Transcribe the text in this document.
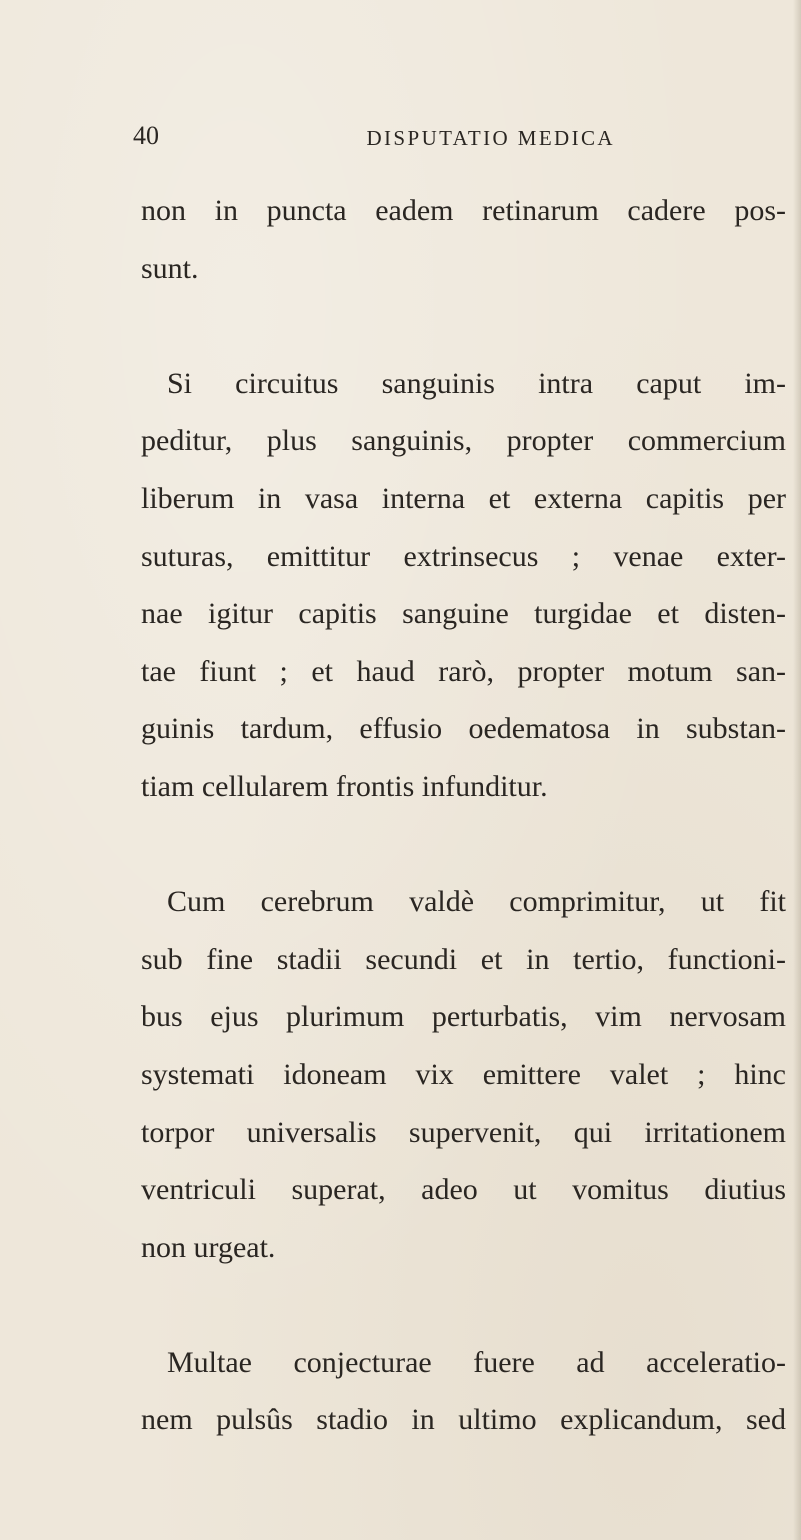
40	DISPUTATIO MEDICA

non in puncta eadem retinarum cadere pos-
sunt.

Si circuitus sanguinis intra caput im-
peditur, plus sanguinis, propter commercium
liberum in vasa interna et externa capitis per
suturas, emittitur extrinsecus ; venae exter-
nae igitur capitis sanguine turgidae et disten-
tae fiunt ; et haud rarò, propter motum san-
guinis tardum, effusio oedematosa in substan-
tiam cellularem frontis infunditur.

Cum cerebrum valdè comprimitur, ut fit
sub fine stadii secundi et in tertio, functioni-
bus ejus plurimum perturbatis, vim nervosam
systemati idoneam vix emittere valet ; hinc
torpor universalis supervenit, qui irritationem
ventriculi superat, adeo ut vomitus diutius
non urgeat.

Multae conjecturae fuere ad acceleratio-
nem pulsûs stadio in ultimo explicandum, sed
